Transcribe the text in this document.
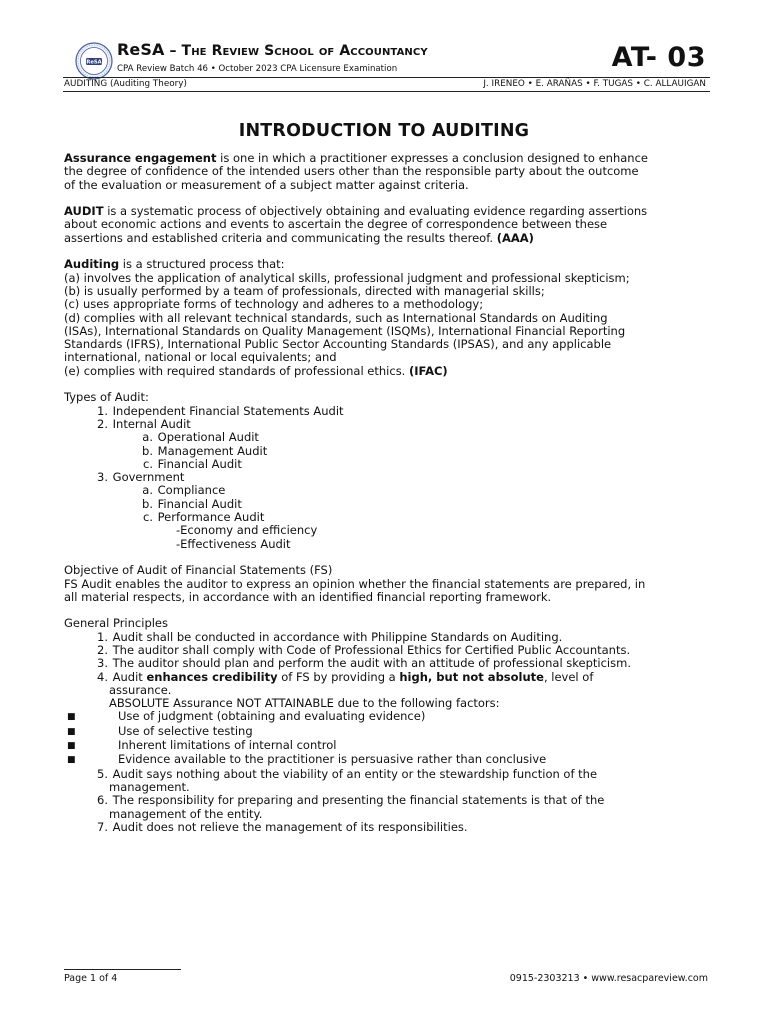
ReSA
ReSA – The Review School of Accountancy
CPA Review Batch 46 • October 2023 CPA Licensure Examination	AT- 03
AUDITING (Auditing Theory)	J. IRENEO • E. ARAÑAS • F. TUGAS • C. ALLAUIGAN
INTRODUCTION TO AUDITING

Assurance engagement is one in which a practitioner expresses a conclusion designed to enhance

the degree of confidence of the intended users other than the responsible party about the outcome

of the evaluation or measurement of a subject matter against criteria.

AUDIT is a systematic process of objectively obtaining and evaluating evidence regarding assertions

about economic actions and events to ascertain the degree of correspondence between these

assertions and established criteria and communicating the results thereof. (AAA)

Auditing is a structured process that:

(a) involves the application of analytical skills, professional judgment and professional skepticism;

(b) is usually performed by a team of professionals, directed with managerial skills;

(c) uses appropriate forms of technology and adheres to a methodology;

(d) complies with all relevant technical standards, such as International Standards on Auditing

(ISAs), International Standards on Quality Management (ISQMs), International Financial Reporting

Standards (IFRS), International Public Sector Accounting Standards (IPSAS), and any applicable

international, national or local equivalents; and

(e) complies with required standards of professional ethics. (IFAC)

Types of Audit:

1. Independent Financial Statements Audit

2. Internal Audit

a. Operational Audit

b. Management Audit

c. Financial Audit

3. Government

a. Compliance

b. Financial Audit

c. Performance Audit

-Economy and efficiency

-Effectiveness Audit

Objective of Audit of Financial Statements (FS)

FS Audit enables the auditor to express an opinion whether the financial statements are prepared, in

all material respects, in accordance with an identified financial reporting framework.

General Principles

1. Audit shall be conducted in accordance with Philippine Standards on Auditing.

2. The auditor shall comply with Code of Professional Ethics for Certified Public Accountants.

3. The auditor should plan and perform the audit with an attitude of professional skepticism.

4. Audit enhances credibility of FS by providing a high, but not absolute, level of

assurance.

ABSOLUTE Assurance NOT ATTAINABLE due to the following factors:

■	Use of judgment (obtaining and evaluating evidence)

■	Use of selective testing

■	Inherent limitations of internal control

■	Evidence available to the practitioner is persuasive rather than conclusive

5. Audit says nothing about the viability of an entity or the stewardship function of the

management.

6. The responsibility for preparing and presenting the financial statements is that of the

management of the entity.

7. Audit does not relieve the management of its responsibilities.

Page 1 of 4	0915-2303213 • www.resacpareview.com
